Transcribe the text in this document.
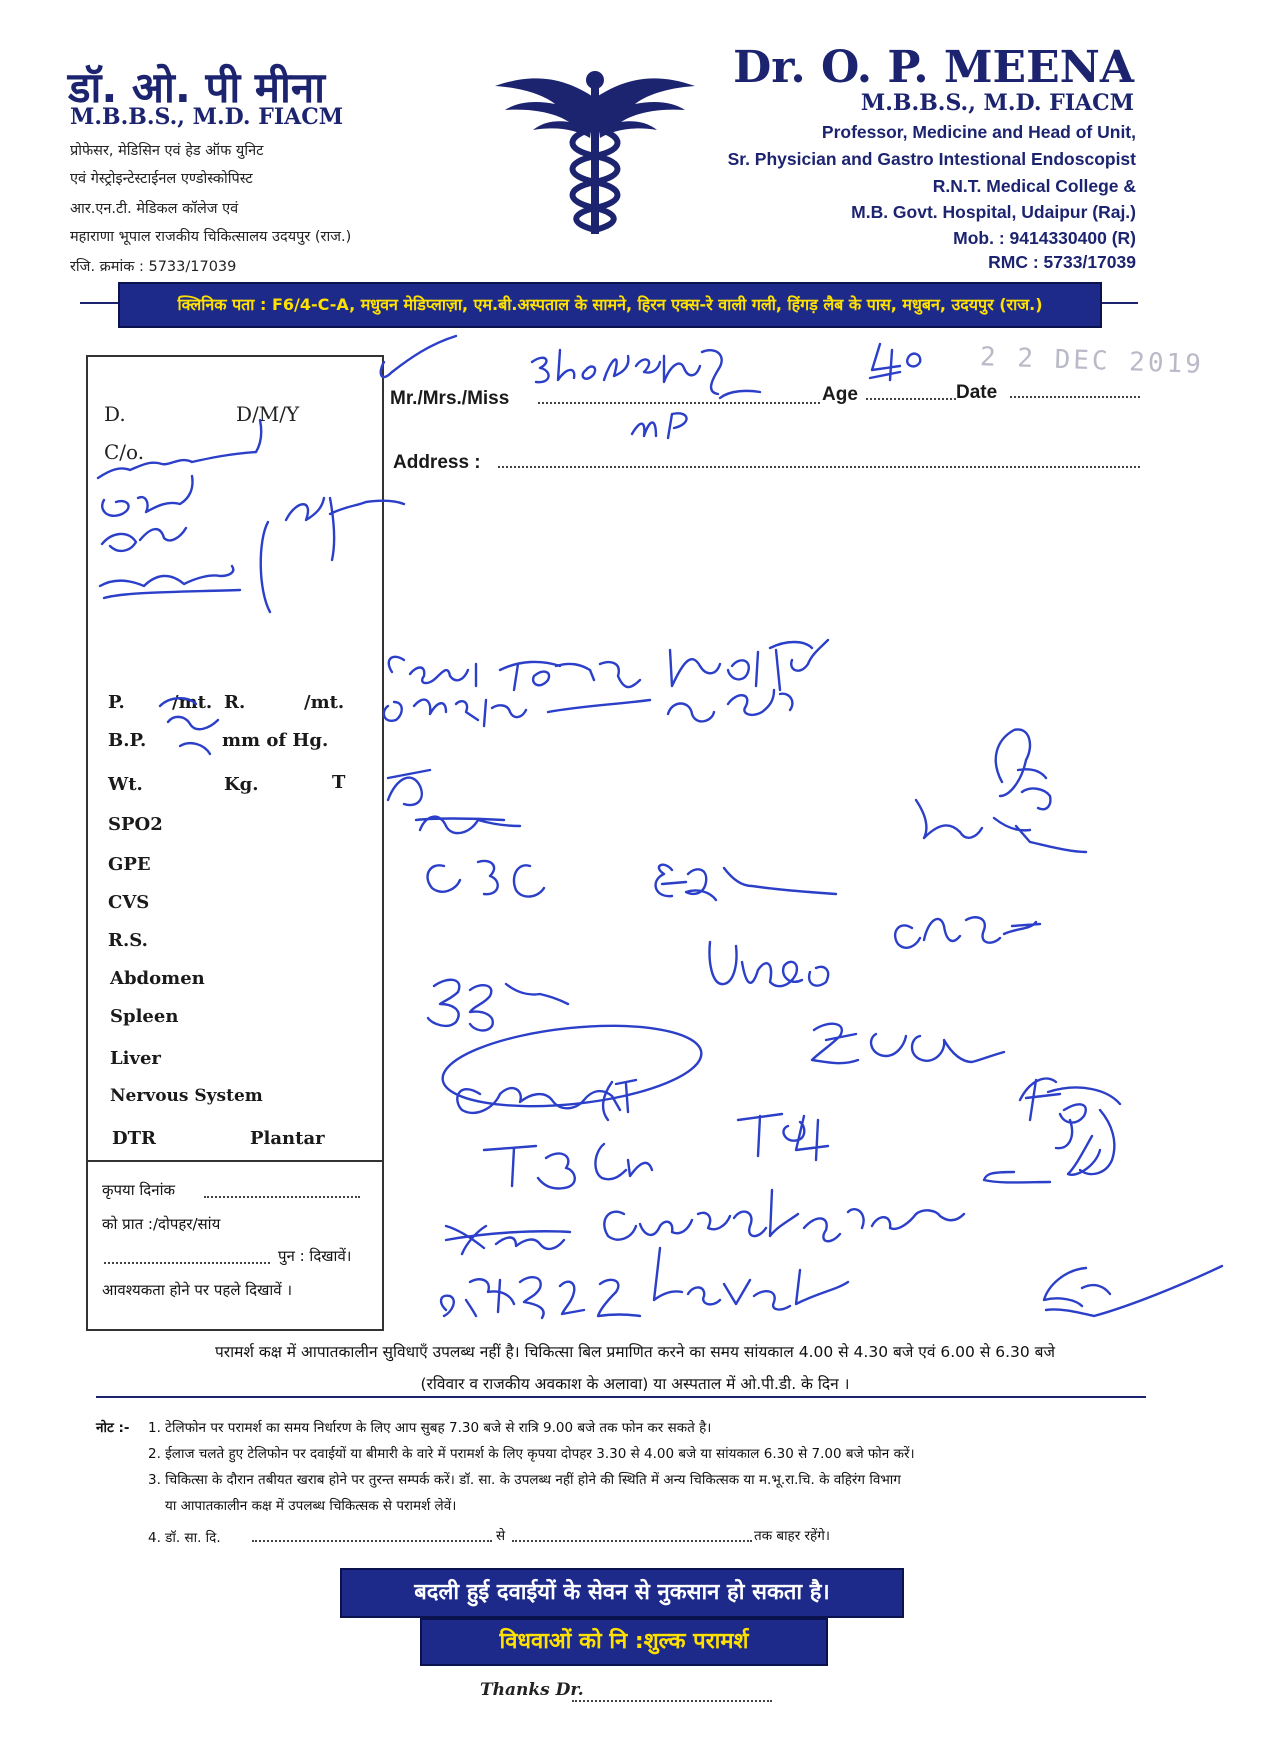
डॉ. ओ. पी मीना
M.B.B.S., M.D. FIACM
प्रोफेसर, मेडिसिन एवं हेड ऑफ युनिट
एवं गेस्ट्रोइन्टेस्टाईनल एण्डोस्कोपिस्ट
आर.एन.टी. मेडिकल कॉलेज एवं
महाराणा भूपाल राजकीय चिकित्सालय उदयपुर (राज.)
रजि. क्रमांक : 5733/17039
Dr. O. P. MEENA
M.B.B.S., M.D. FIACM
Professor, Medicine and Head of Unit,
Sr. Physician and Gastro Intestional Endoscopist
R.N.T. Medical College &
M.B. Govt. Hospital, Udaipur (Raj.)
Mob. : 9414330400 (R)
RMC : 5733/17039
क्लिनिक पता : F6/4-C-A, मधुवन मेडिप्लाज़ा, एम.बी.अस्पताल के सामने, हिरन एक्स-रे वाली गली, हिंगड़ लैब के पास, मधुबन, उदयपुर (राज.)
2 2 DEC 2019
Mr./Mrs./Miss	Age	Date
Address :
D.	D/M/Y
C/o.
P.	/mt. R.	/mt.
B.P.	mm of Hg.
Wt.	Kg.	T
SPO2
GPE
CVS
R.S.
Abdomen
Spleen
Liver
Nervous System
DTR	Plantar
कृपया दिनांक
को प्रात :/दोपहर/सांय
पुन : दिखावें।
आवश्यकता होने पर पहले दिखावें ।
परामर्श कक्ष में आपातकालीन सुविधाएँ उपलब्ध नहीं है। चिकित्सा बिल प्रमाणित करने का समय सांयकाल 4.00 से 4.30 बजे एवं 6.00 से 6.30 बजे
(रविवार व राजकीय अवकाश के अलावा) या अस्पताल में ओ.पी.डी. के दिन ।
नोट :- 1. टेलिफोन पर परामर्श का समय निर्धारण के लिए आप सुबह 7.30 बजे से रात्रि 9.00 बजे तक फोन कर सकते है।
2. ईलाज चलते हुए टेलिफोन पर दवाईयों या बीमारी के वारे में परामर्श के लिए कृपया दोपहर 3.30 से 4.00 बजे या सांयकाल 6.30 से 7.00 बजे फोन करें।
3. चिकित्सा के दौरान तबीयत खराब होने पर तुरन्त सम्पर्क करें। डॉ. सा. के उपलब्ध नहीं होने की स्थिति में अन्य चिकित्सक या म.भू.रा.चि. के वहिरंग विभाग
या आपातकालीन कक्ष में उपलब्ध चिकित्सक से परामर्श लेवें।
4. डॉ. सा. दि.	से	तक बाहर रहेंगे।
बदली हुई दवाईयों के सेवन से नुकसान हो सकता है।
विधवाओं को नि :शुल्क परामर्श
Thanks Dr.
